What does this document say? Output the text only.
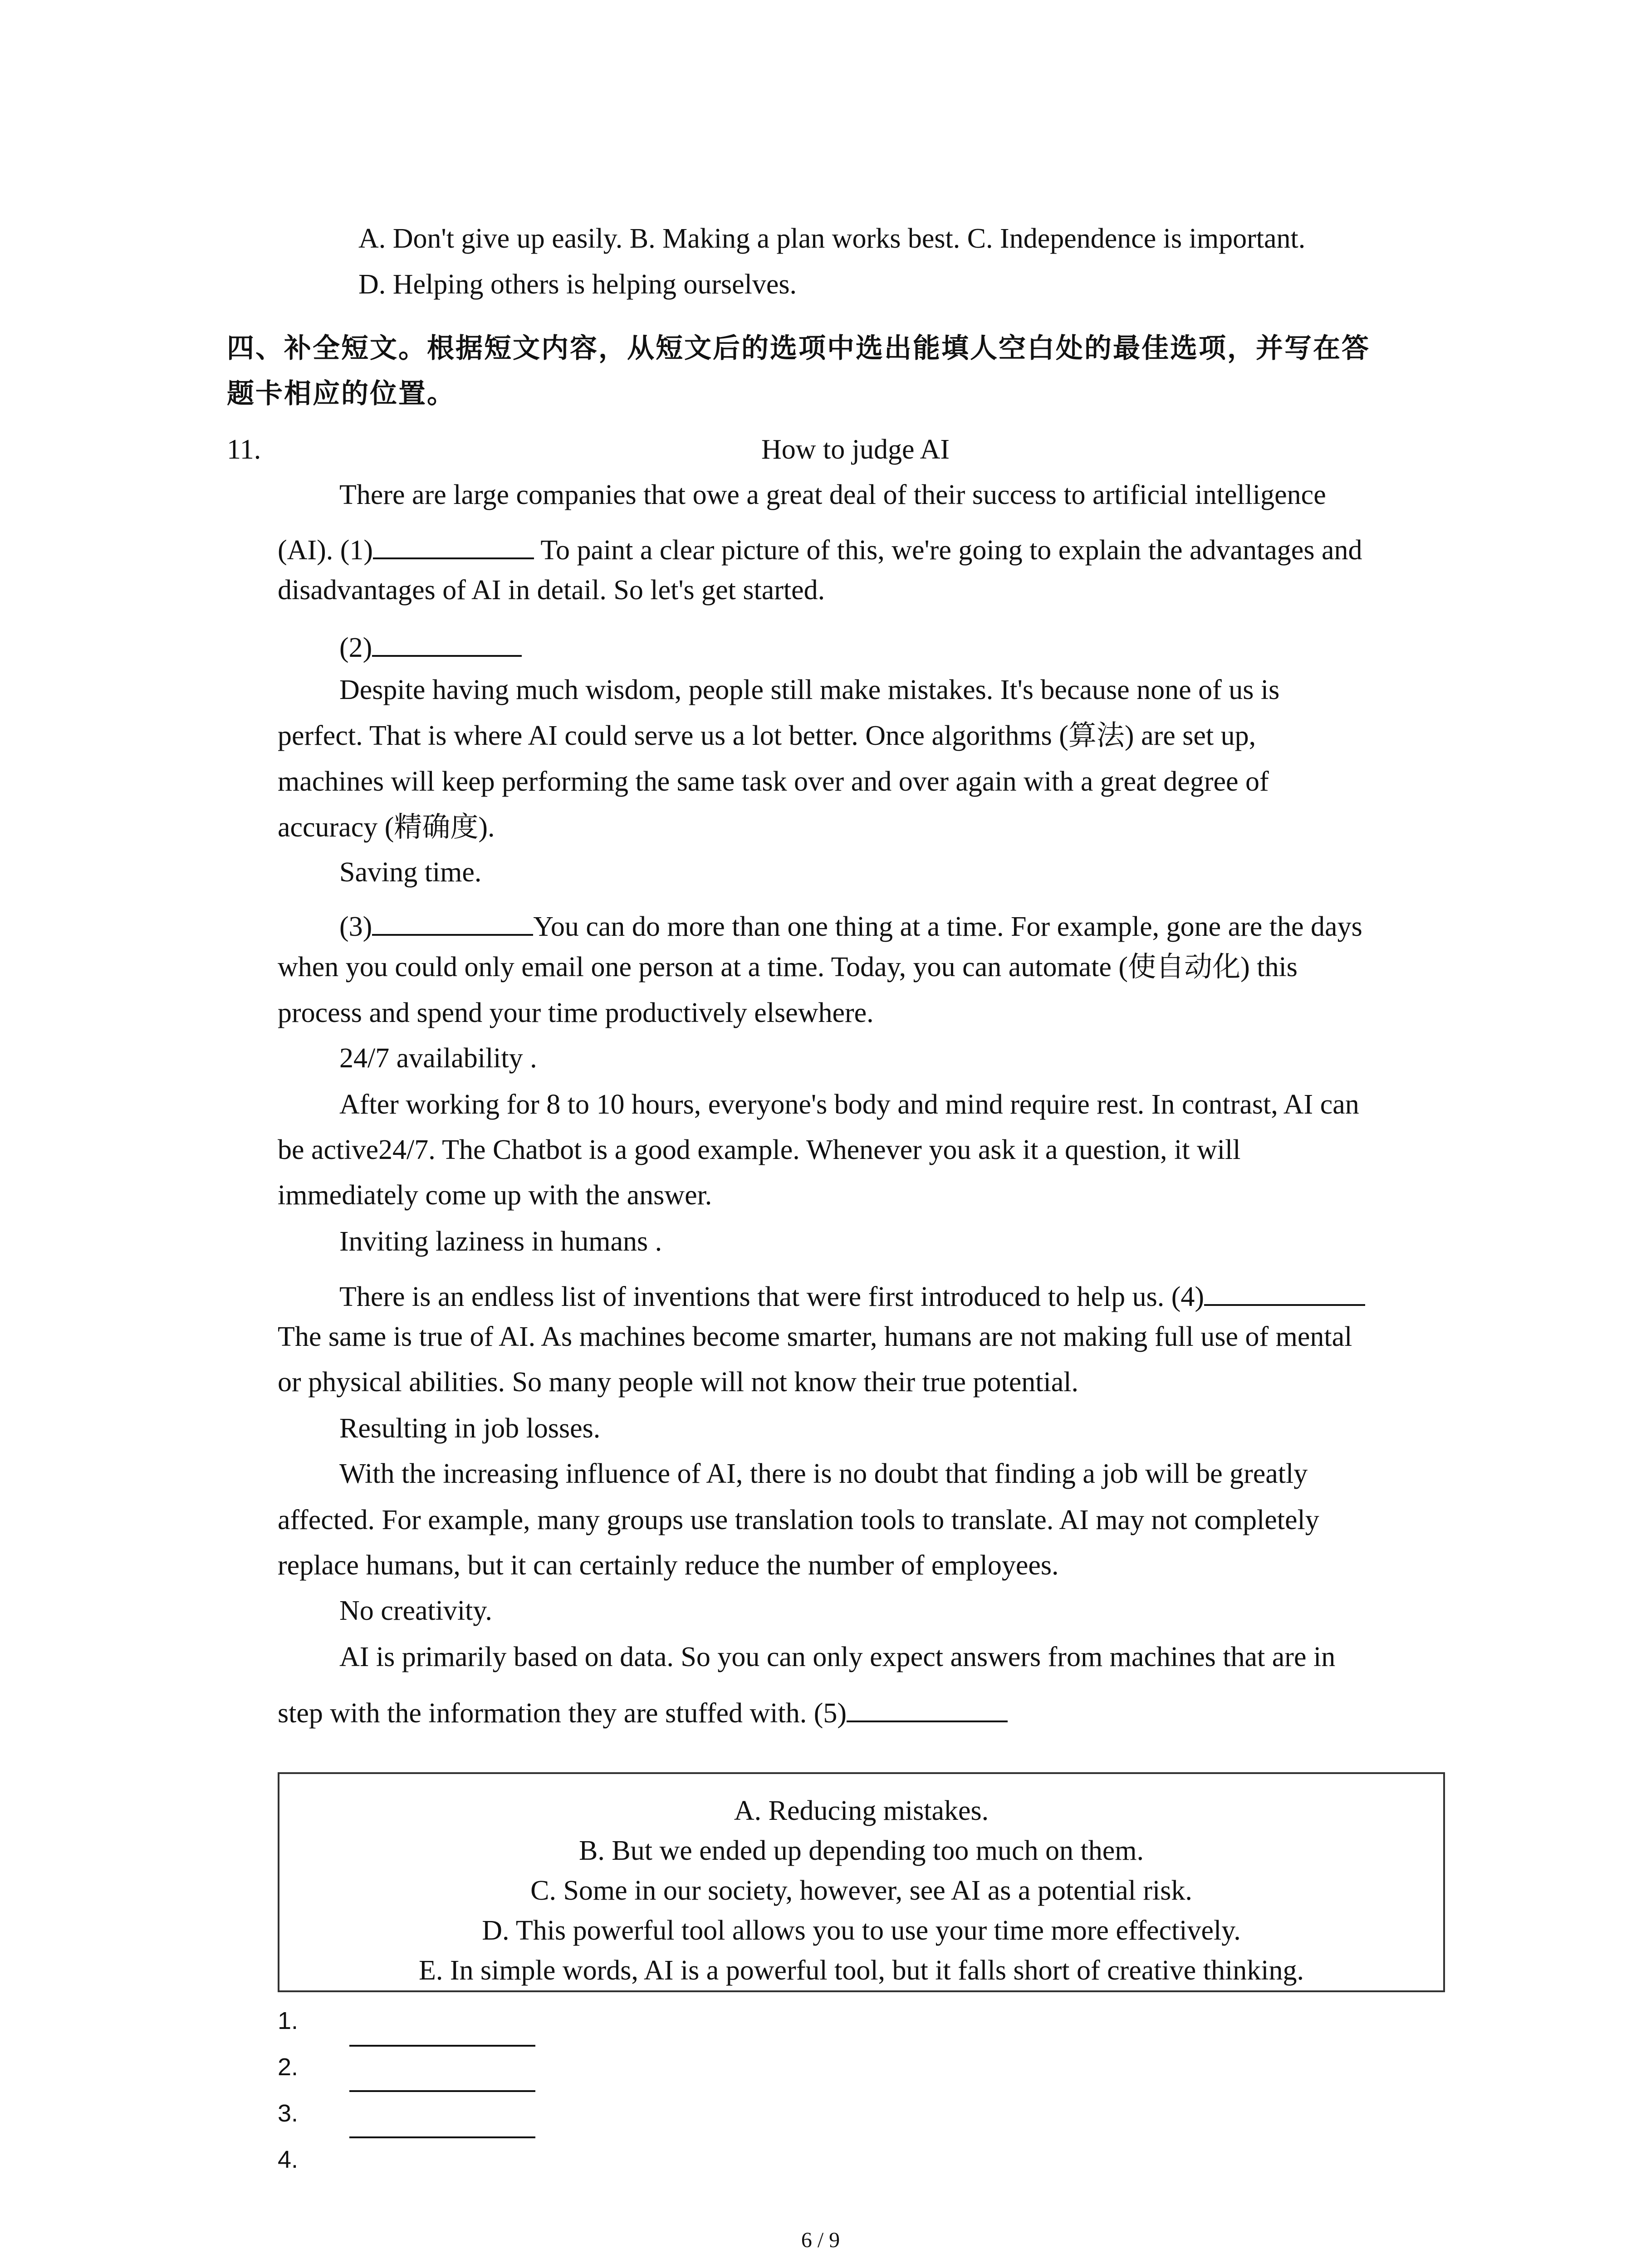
A. Don't give up easily. B. Making a plan works best. C. Independence is important.
D. Helping others is helping ourselves.
四、补全短文。根据短文内容，从短文后的选项中选出能填人空白处的最佳选项，并写在答
题卡相应的位置。
11.	How to judge AI
There are large companies that owe a great deal of their success to artificial intelligence
(AI). (1)	To paint a clear picture of this, we're going to explain the advantages and
disadvantages of AI in detail. So let's get started.
(2)
Despite having much wisdom, people still make mistakes. It's because none of us is
perfect. That is where AI could serve us a lot better. Once algorithms (算法) are set up,
machines will keep performing the same task over and over again with a great degree of
accuracy (精确度).
Saving time.
(3)	You can do more than one thing at a time. For example, gone are the days
when you could only email one person at a time. Today, you can automate (使自动化) this
process and spend your time productively elsewhere.
24/7 availability .
After working for 8 to 10 hours, everyone's body and mind require rest. In contrast, AI can
be active24/7. The Chatbot is a good example. Whenever you ask it a question, it will
immediately come up with the answer.
Inviting laziness in humans .
There is an endless list of inventions that were first introduced to help us. (4)
The same is true of AI. As machines become smarter, humans are not making full use of mental
or physical abilities. So many people will not know their true potential.
Resulting in job losses.
With the increasing influence of AI, there is no doubt that finding a job will be greatly
affected. For example, many groups use translation tools to translate. AI may not completely
replace humans, but it can certainly reduce the number of employees.
No creativity.
AI is primarily based on data. So you can only expect answers from machines that are in
step with the information they are stuffed with. (5)
A. Reducing mistakes.
B. But we ended up depending too much on them.
C. Some in our society, however, see AI as a potential risk.
D. This powerful tool allows you to use your time more effectively.
E. In simple words, AI is a powerful tool, but it falls short of creative thinking.
1.
2.
3.
4.
6 / 9
